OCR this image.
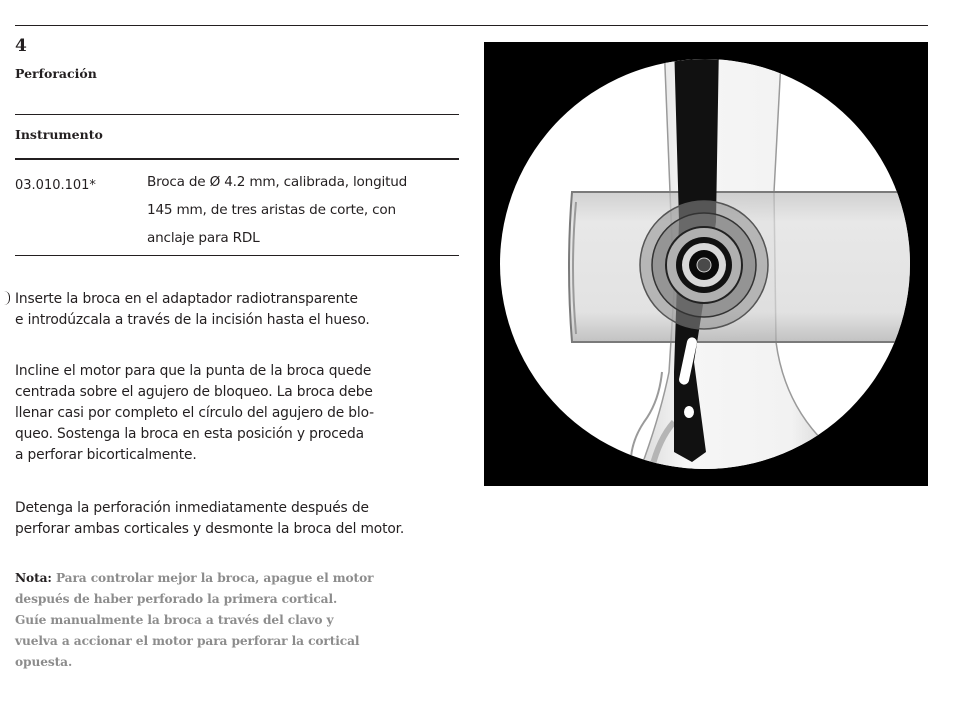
4
Perforación
Instrumento
03.010.101*	Broca de Ø 4.2 mm, calibrada, longitud
145 mm, de tres aristas de corte, con
anclaje para RDL
Inserte la broca en el adaptador radiotransparente
e introdúzcala a través de la incisión hasta el hueso.
Incline el motor para que la punta de la broca quede
centrada sobre el agujero de bloqueo. La broca debe
llenar casi por completo el círculo del agujero de blo-
queo. Sostenga la broca en esta posición y proceda
a perforar bicorticalmente.
Detenga la perforación inmediatamente después de
perforar ambas corticales y desmonte la broca del motor.
Nota: Para controlar mejor la broca, apague el motor
después de haber perforado la primera cortical.
Guíe manualmente la broca a través del clavo y
vuelva a accionar el motor para perforar la cortical
opuesta.
